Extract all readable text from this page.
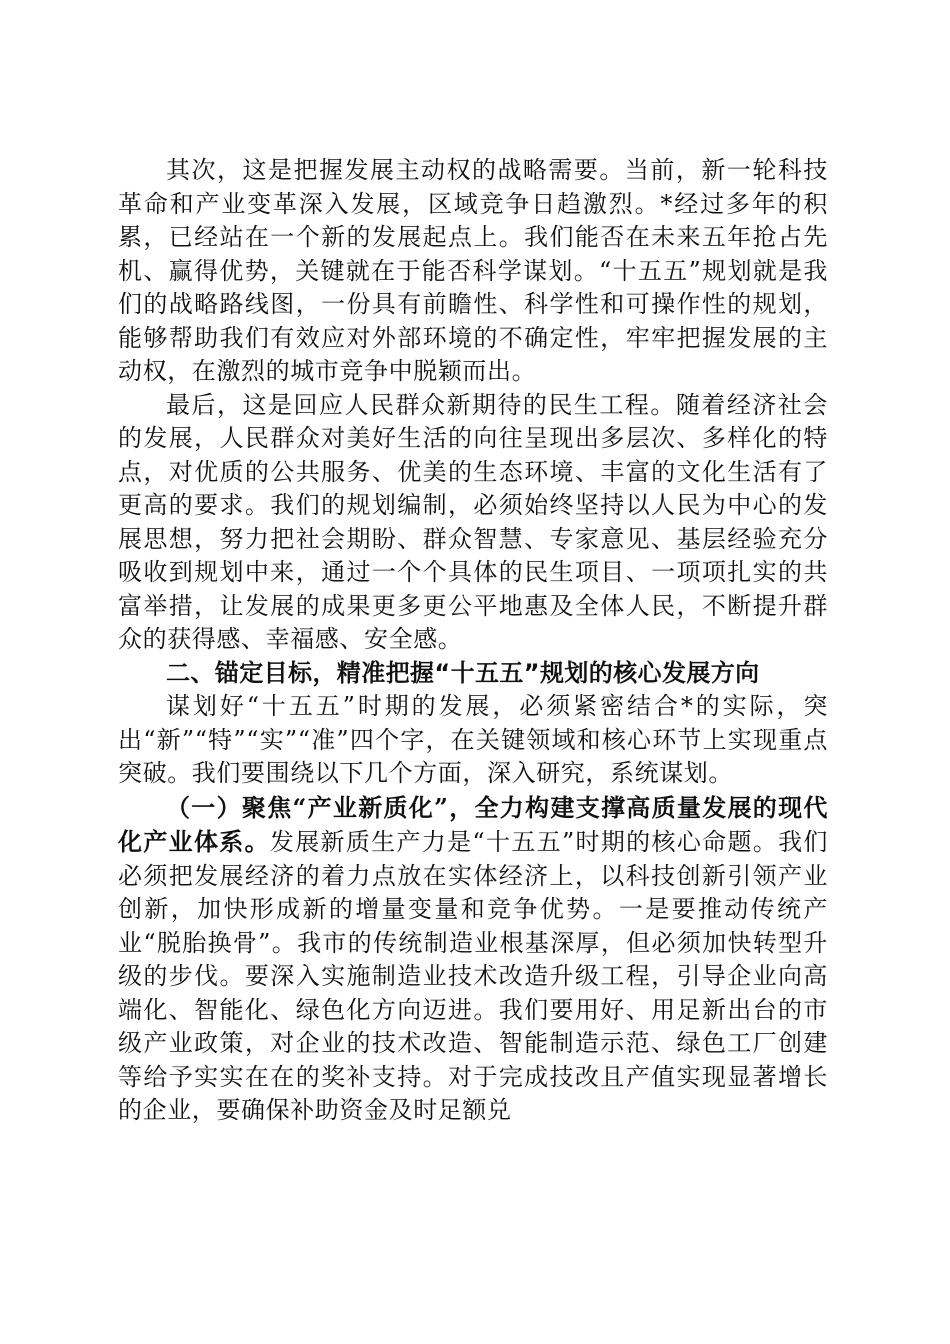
其次，这是把握发展主动权的战略需要。当前，新一轮科技革命和产业变革深入发展，区域竞争日趋激烈。*经过多年的积累，已经站在一个新的发展起点上。我们能否在未来五年抢占先机、赢得优势，关键就在于能否科学谋划。“十五五”规划就是我们的战略路线图，一份具有前瞻性、科学性和可操作性的规划，能够帮助我们有效应对外部环境的不确定性，牢牢把握发展的主动权，在激烈的城市竞争中脱颖而出。

最后，这是回应人民群众新期待的民生工程。随着经济社会的发展，人民群众对美好生活的向往呈现出多层次、多样化的特点，对优质的公共服务、优美的生态环境、丰富的文化生活有了更高的要求。我们的规划编制，必须始终坚持以人民为中心的发展思想，努力把社会期盼、群众智慧、专家意见、基层经验充分吸收到规划中来，通过一个个具体的民生项目、一项项扎实的共富举措，让发展的成果更多更公平地惠及全体人民，不断提升群众的获得感、幸福感、安全感。

二、锚定目标，精准把握“十五五”规划的核心发展方向

谋划好“十五五”时期的发展，必须紧密结合*的实际，突出“新”“特”“实”“准”四个字，在关键领域和核心环节上实现重点突破。我们要围绕以下几个方面，深入研究，系统谋划。

（一）聚焦“产业新质化”，全力构建支撑高质量发展的现代化产业体系。发展新质生产力是“十五五”时期的核心命题。我们必须把发展经济的着力点放在实体经济上，以科技创新引领产业创新，加快形成新的增量变量和竞争优势。一是要推动传统产业“脱胎换骨”。我市的传统制造业根基深厚，但必须加快转型升级的步伐。要深入实施制造业技术改造升级工程，引导企业向高端化、智能化、绿色化方向迈进。我们要用好、用足新出台的市级产业政策，对企业的技术改造、智能制造示范、绿色工厂创建等给予实实在在的奖补支持。对于完成技改且产值实现显著增长的企业，要确保补助资金及时足额兑
